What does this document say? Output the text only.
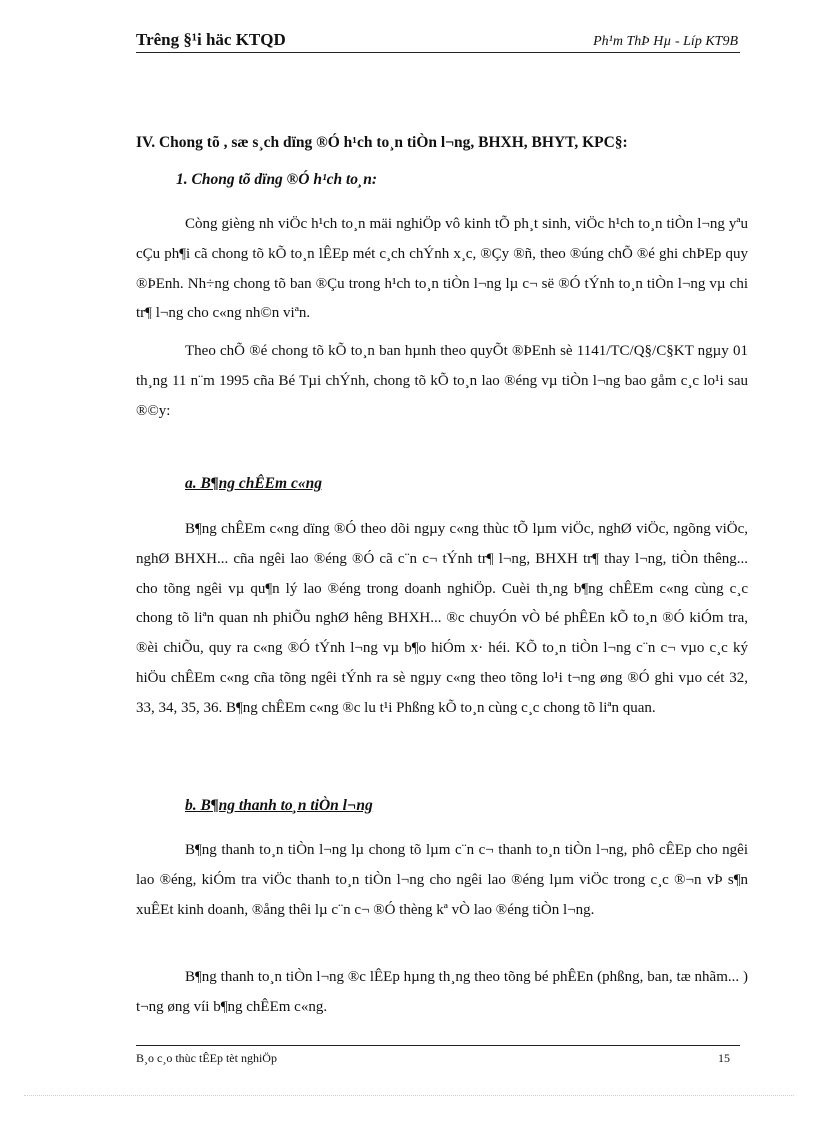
Trêng §¹i häc KTQD	Ph¹m ThÞ Hµ - Líp KT9B
IV. Chong tõ , sæ s¸ch dïng ®Ó h¹ch to¸n tiÒn l¬ng, BHXH, BHYT, KPC§:
1. Chong tõ dïng ®Ó h¹ch to¸n:

Còng gièng nh viÖc h¹ch to¸n mäi nghiÖp vô kinh tÕ ph¸t sinh, viÖc h¹ch to¸n tiÒn l¬ng yªu cÇu ph¶i cã chong tõ kÕ to¸n lÊEp mét c¸ch chÝnh x¸c, ®Çy ®ñ, theo ®úng chÕ ®é ghi chÞEp quy ®ÞEnh. Nh÷ng chong tõ ban ®Çu trong h¹ch to¸n tiÒn l¬ng lµ c¬ së ®Ó tÝnh to¸n tiÒn l¬ng vµ chi tr¶ l¬ng cho c«ng nh©n viªn.

Theo chÕ ®é chong tõ kÕ to¸n ban hµnh theo quyÕt ®ÞEnh sè 1141/TC/Q§/C§KT ngµy 01 th¸ng 11 n¨m 1995 cña Bé Tµi chÝnh, chong tõ kÕ to¸n lao ®éng vµ tiÒn l¬ng bao gåm c¸c lo¹i sau ®©y:

a. B¶ng chÊEm c«ng

B¶ng chÊEm c«ng dïng ®Ó theo dõi ngµy c«ng thùc tÕ lµm viÖc, nghØ viÖc, ngõng viÖc, nghØ BHXH... cña ngêi lao ®éng ®Ó cã c¨n c¬ tÝnh tr¶ l¬ng, BHXH tr¶ thay l¬ng, tiÒn thêng... cho tõng ngêi vµ qu¶n lý lao ®éng trong doanh nghiÖp. Cuèi th¸ng b¶ng chÊEm c«ng cùng c¸c chong tõ liªn quan nh phiÕu nghØ hêng BHXH... ®c chuyÓn vÒ bé phÊEn kÕ to¸n ®Ó kiÓm tra, ®èi chiÕu, quy ra c«ng ®Ó tÝnh l¬ng vµ b¶o hiÓm x· héi. KÕ to¸n tiÒn l¬ng c¨n c¬ vµo c¸c ký hiÖu chÊEm c«ng cña tõng ngêi tÝnh ra sè ngµy c«ng theo tõng lo¹i t¬ng øng ®Ó ghi vµo cét 32, 33, 34, 35, 36. B¶ng chÊEm c«ng ®c lu t¹i Phßng kÕ to¸n cùng c¸c chong tõ liªn quan.

b. B¶ng thanh to¸n tiÒn l¬ng

B¶ng thanh to¸n tiÒn l¬ng lµ chong tõ lµm c¨n c¬ thanh to¸n tiÒn l¬ng, phô cÊEp cho ngêi lao ®éng, kiÓm tra viÖc thanh to¸n tiÒn l¬ng cho ngêi lao ®éng lµm viÖc trong c¸c ®¬n vÞ s¶n xuÊEt kinh doanh, ®ång thêi lµ c¨n c¬ ®Ó thèng kª vÒ lao ®éng tiÒn l¬ng.

B¶ng thanh to¸n tiÒn l¬ng ®c lÊEp hµng th¸ng theo tõng bé phÊEn (phßng, ban, tæ nhãm... ) t¬ng øng víi b¶ng chÊEm c«ng.

B¸o c¸o thùc tÊEp tèt nghiÖp	15
